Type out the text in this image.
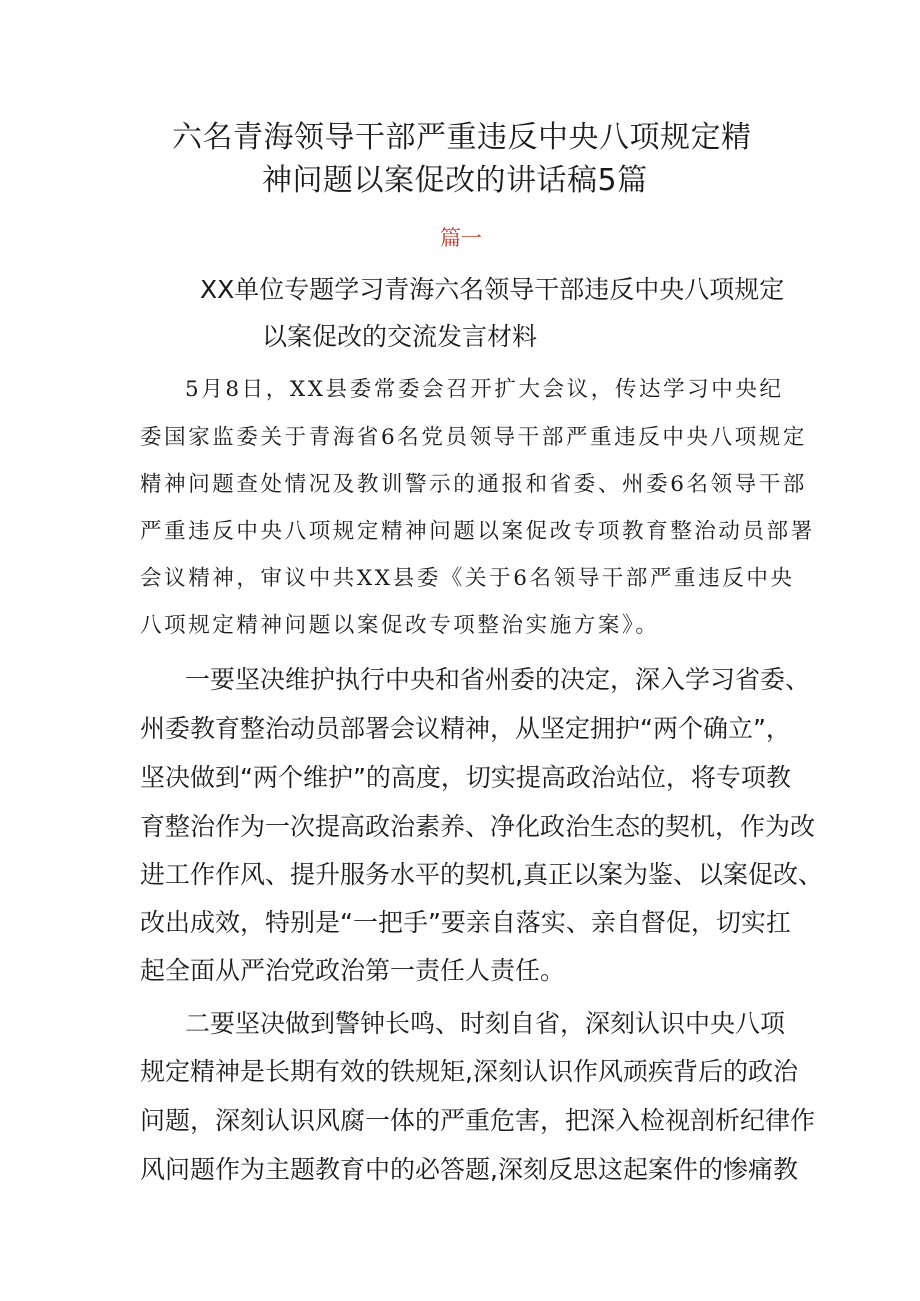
六名青海领导干部严重违反中央八项规定精
神问题以案促改的讲话稿5篇
篇一
XX单位专题学习青海六名领导干部违反中央八项规定
以案促改的交流发言材料
5月8日，XX县委常委会召开扩大会议，传达学习中央纪
委国家监委关于青海省6名党员领导干部严重违反中央八项规定
精神问题查处情况及教训警示的通报和省委、州委6名领导干部
严重违反中央八项规定精神问题以案促改专项教育整治动员部署
会议精神，审议中共XX县委《关于6名领导干部严重违反中央
八项规定精神问题以案促改专项整治实施方案》。
一要坚决维护执行中央和省州委的决定，深入学习省委、
州委教育整治动员部署会议精神，从坚定拥护“两个确立”，
坚决做到“两个维护”的高度，切实提高政治站位，将专项教
育整治作为一次提高政治素养、净化政治生态的契机，作为改
进工作作风、提升服务水平的契机,真正以案为鉴、以案促改、
改出成效，特别是“一把手”要亲自落实、亲自督促，切实扛
起全面从严治党政治第一责任人责任。
二要坚决做到警钟长鸣、时刻自省，深刻认识中央八项
规定精神是长期有效的铁规矩,深刻认识作风顽疾背后的政治
问题，深刻认识风腐一体的严重危害，把深入检视剖析纪律作
风问题作为主题教育中的必答题,深刻反思这起案件的惨痛教
